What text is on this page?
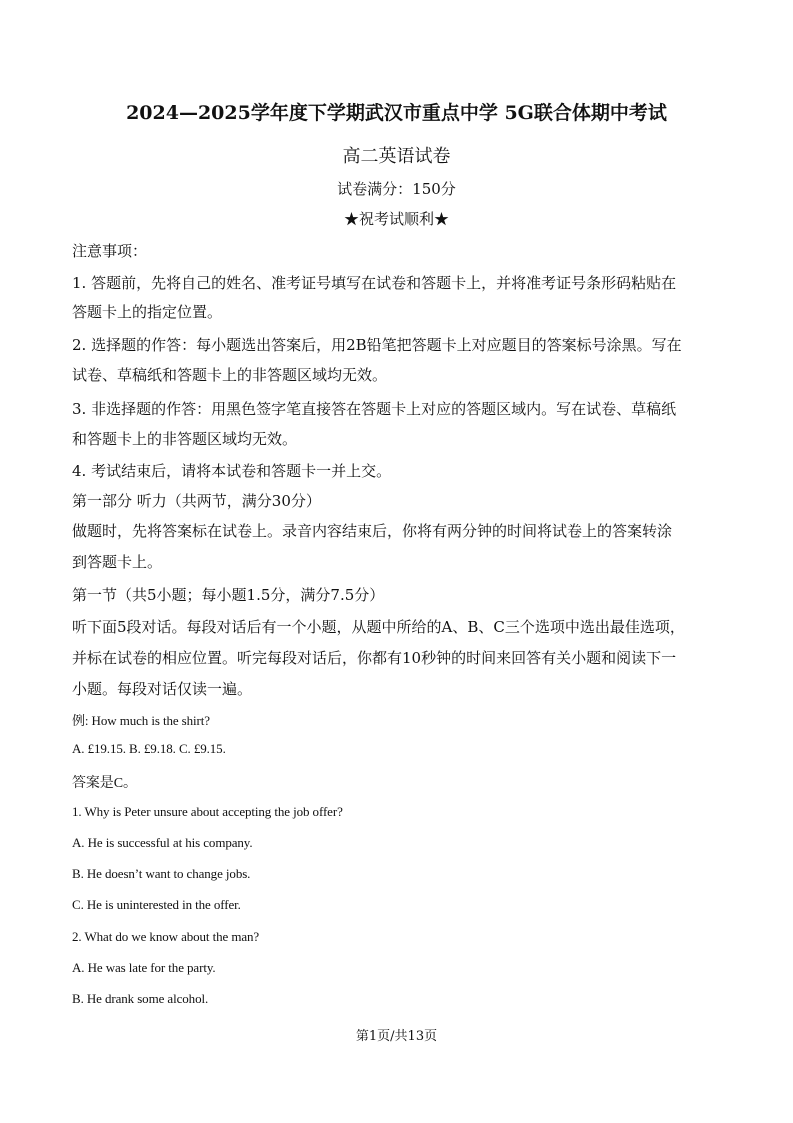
2024—2025学年度下学期武汉市重点中学 5G联合体期中考试
高二英语试卷
试卷满分：150分
★祝考试顺利★
注意事项：
1. 答题前，先将自己的姓名、准考证号填写在试卷和答题卡上，并将准考证号条形码粘贴在
答题卡上的指定位置。
2. 选择题的作答：每小题选出答案后，用2B铅笔把答题卡上对应题目的答案标号涂黑。写在
试卷、草稿纸和答题卡上的非答题区域均无效。
3. 非选择题的作答：用黑色签字笔直接答在答题卡上对应的答题区域内。写在试卷、草稿纸
和答题卡上的非答题区域均无效。
4. 考试结束后，请将本试卷和答题卡一并上交。
第一部分 听力（共两节，满分30分）
做题时，先将答案标在试卷上。录音内容结束后，你将有两分钟的时间将试卷上的答案转涂
到答题卡上。
第一节（共5小题；每小题1.5分，满分7.5分）
听下面5段对话。每段对话后有一个小题，从题中所给的A、B、C三个选项中选出最佳选项，
并标在试卷的相应位置。听完每段对话后，你都有10秒钟的时间来回答有关小题和阅读下一
小题。每段对话仅读一遍。
例: How much is the shirt?
A. £19.15. B. £9.18. C. £9.15.
答案是C。
1. Why is Peter unsure about accepting the job offer?
A. He is successful at his company.
B. He doesn’t want to change jobs.
C. He is uninterested in the offer.
2. What do we know about the man?
A. He was late for the party.
B. He drank some alcohol.
第1页/共13页
